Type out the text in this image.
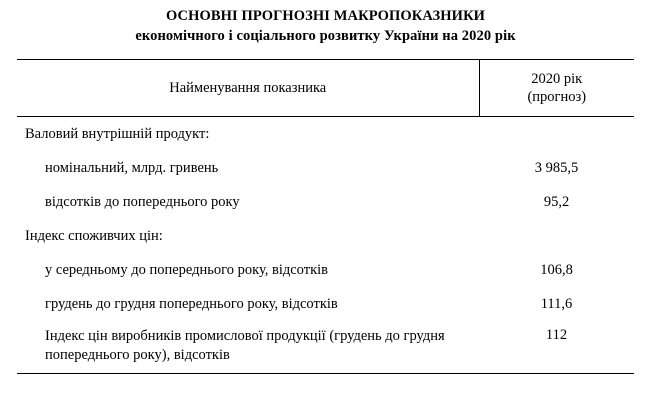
ОСНОВНІ ПРОГНОЗНІ МАКРОПОКАЗНИКИ
економічного і соціального розвитку України на 2020 рік
Найменування показника	2020 рік
(прогноз)

Валовий внутрішній продукт:	
номінальний, млрд. гривень	3 985,5
відсотків до попереднього року	95,2
Індекс споживчих цін:	
у середньому до попереднього року, відсотків	106,8
грудень до грудня попереднього року, відсотків	111,6
Індекс цін виробників промислової продукції (грудень до грудня попереднього року), відсотків	112
